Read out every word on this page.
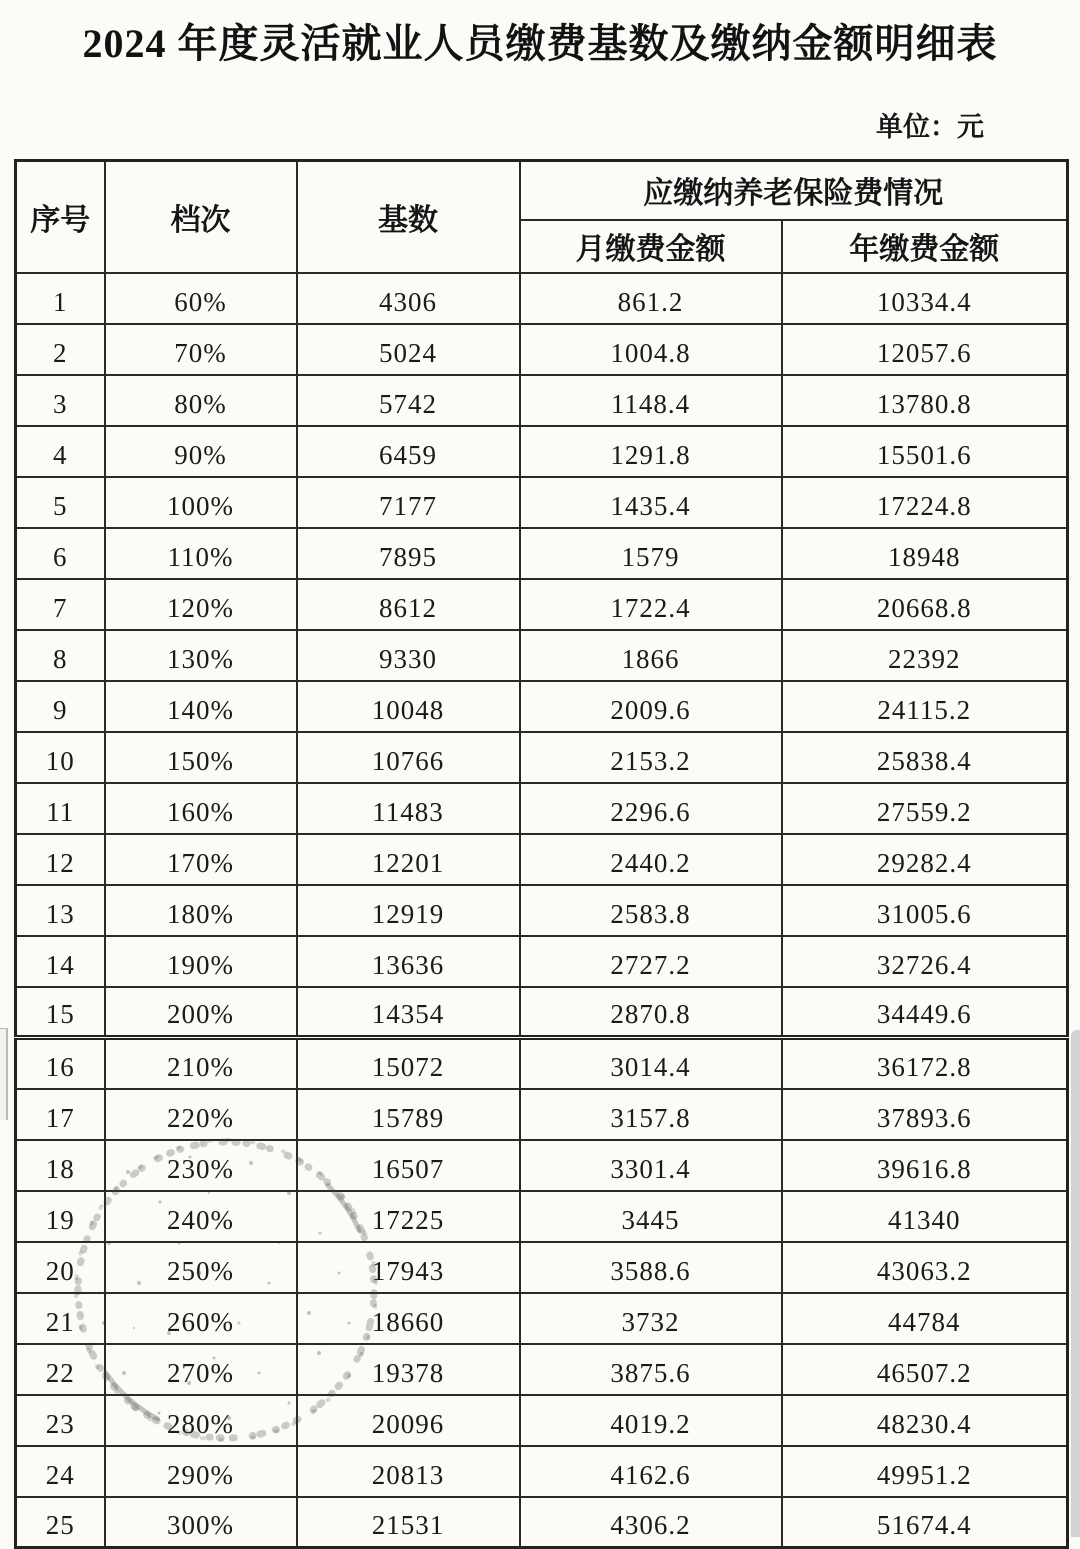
2024 年度灵活就业人员缴费基数及缴纳金额明细表
单位：元
序号	档次	基数	应缴纳养老保险费情况	
			月缴费金额	年缴费金额
1	60%	4306	861.2	10334.4
2	70%	5024	1004.8	12057.6
3	80%	5742	1148.4	13780.8
4	90%	6459	1291.8	15501.6
5	100%	7177	1435.4	17224.8
6	110%	7895	1579	18948
7	120%	8612	1722.4	20668.8
8	130%	9330	1866	22392
9	140%	10048	2009.6	24115.2
10	150%	10766	2153.2	25838.4
11	160%	11483	2296.6	27559.2
12	170%	12201	2440.2	29282.4
13	180%	12919	2583.8	31005.6
14	190%	13636	2727.2	32726.4
15	200%	14354	2870.8	34449.6
16	210%	15072	3014.4	36172.8
17	220%	15789	3157.8	37893.6
18	230%	16507	3301.4	39616.8
19	240%	17225	3445	41340
20	250%	17943	3588.6	43063.2
21	260%	18660	3732	44784
22	270%	19378	3875.6	46507.2
23	280%	20096	4019.2	48230.4
24	290%	20813	4162.6	49951.2
25	300%	21531	4306.2	51674.4
